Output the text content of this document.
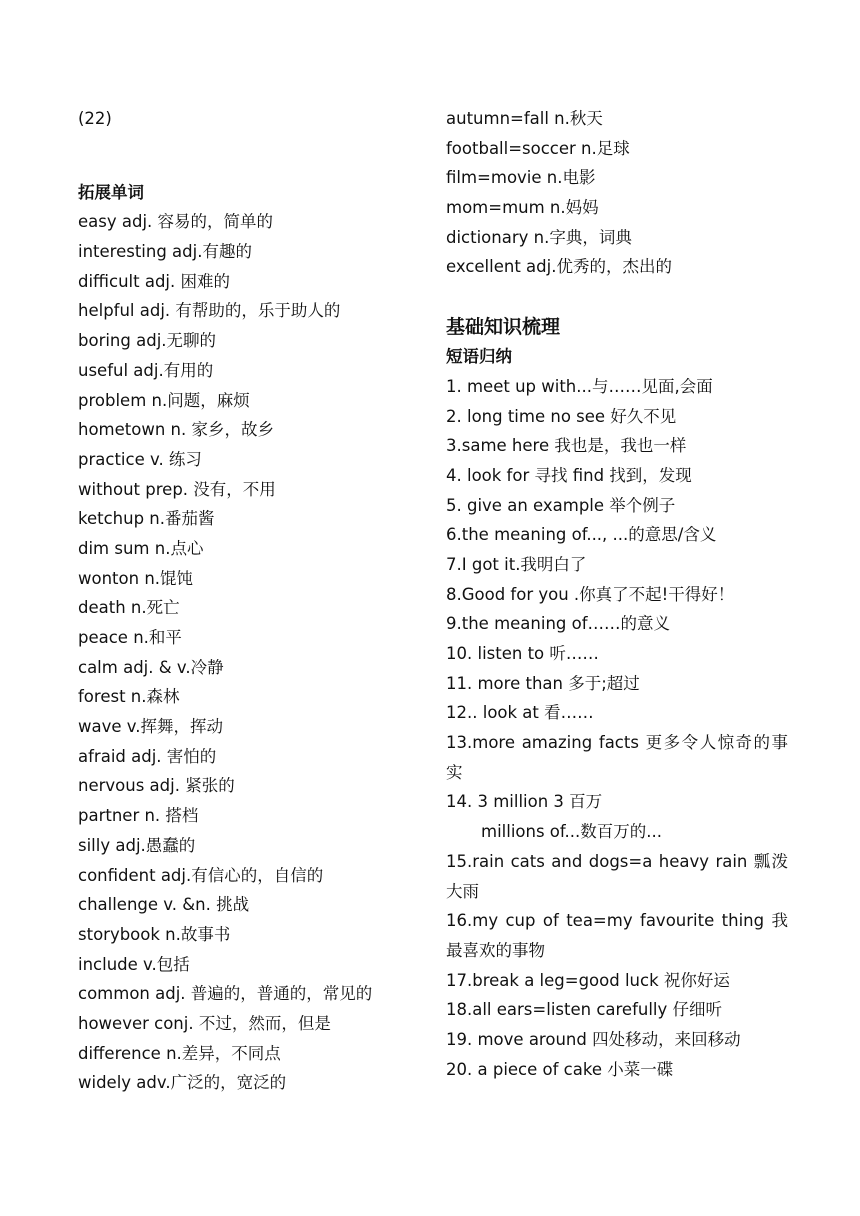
(22)
拓展单词
easy adj. 容易的，简单的
interesting adj.有趣的
difficult adj. 困难的
helpful adj. 有帮助的，乐于助人的
boring adj.无聊的
useful adj.有用的
problem n.问题，麻烦
hometown n. 家乡，故乡
practice v. 练习
without prep. 没有，不用
ketchup n.番茄酱
dim sum n.点心
wonton n.馄饨
death n.死亡
peace n.和平
calm adj. & v.冷静
forest n.森林
wave v.挥舞，挥动
afraid adj. 害怕的
nervous adj. 紧张的
partner n. 搭档
silly adj.愚蠢的
confident adj.有信心的，自信的
challenge v. &n. 挑战
storybook n.故事书
include v.包括
common adj. 普遍的，普通的，常见的
however conj. 不过，然而，但是
difference n.差异，不同点
widely adv.广泛的，宽泛的
autumn=fall n.秋天
football=soccer n.足球
film=movie n.电影
mom=mum n.妈妈
dictionary n.字典，词典
excellent adj.优秀的，杰出的
基础知识梳理
短语归纳
1. meet up with...与……见面,会面
2. long time no see 好久不见
3.same here 我也是，我也一样
4. look for 寻找 find 找到，发现
5. give an example 举个例子
6.the meaning of..., ...的意思/含义
7.I got it.我明白了
8.Good for you .你真了不起!干得好！
9.the meaning of……的意义
10. listen to 听……
11. more than 多于;超过
12.. look at 看……
13.more amazing facts 更多令人惊奇的事实
14. 3 million 3 百万
millions of...数百万的...
15.rain cats and dogs=a heavy rain 瓢泼大雨
16.my cup of tea=my favourite thing 我最喜欢的事物
17.break a leg=good luck 祝你好运
18.all ears=listen carefully 仔细听
19. move around 四处移动，来回移动
20. a piece of cake 小菜一碟
